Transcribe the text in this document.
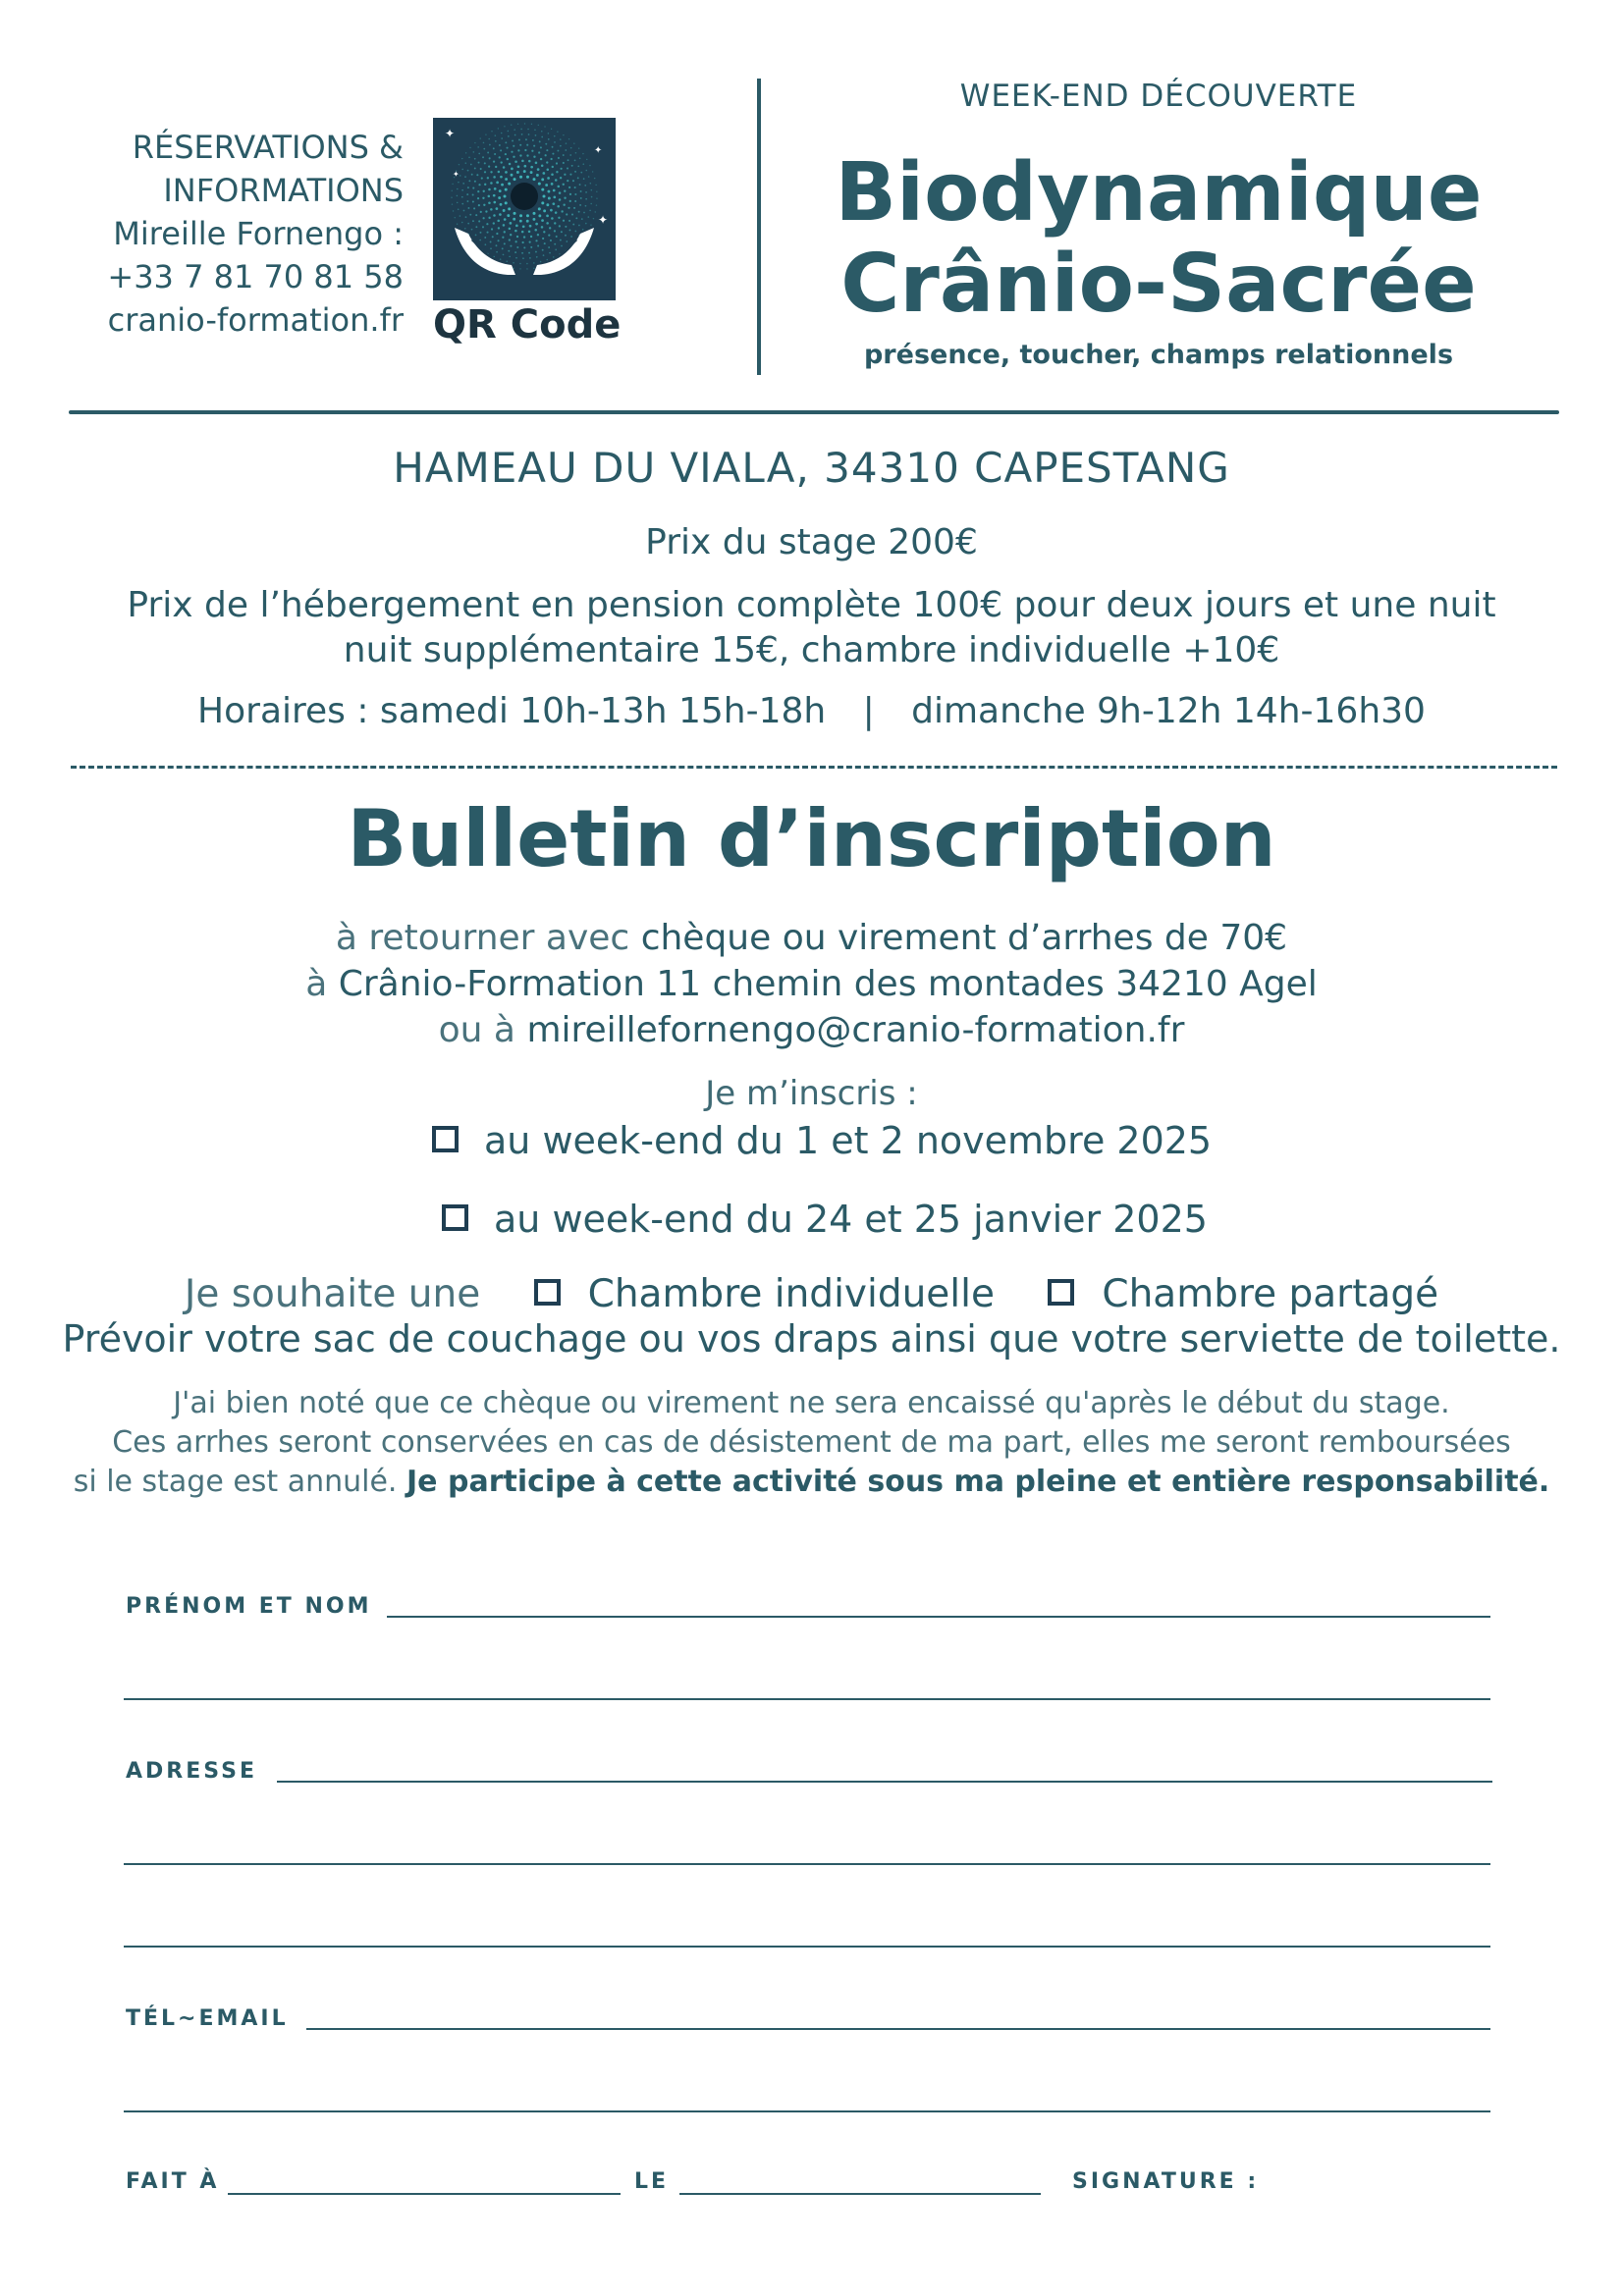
RÉSERVATIONS &
INFORMATIONS
Mireille Fornengo :
+33 7 81 70 81 58
cranio-formation.fr
✦
✦
✦
✦
QR Code
WEEK-END DÉCOUVERTE
Biodynamique
Crânio-Sacrée
présence, toucher, champs relationnels
HAMEAU DU VIALA, 34310 CAPESTANG
Prix du stage 200€
Prix de l’hébergement en pension complète 100€ pour deux jours et une nuit
nuit supplémentaire 15€, chambre individuelle +10€
Horaires : samedi 10h-13h 15h-18h | dimanche 9h-12h 14h-16h30
Bulletin d’inscription
à retourner avec chèque ou virement d’arrhes de 70€
à Crânio-Formation 11 chemin des montades 34210 Agel
ou à mireillefornengo@cranio-formation.fr
Je m’inscris :
au week-end du 1 et 2 novembre 2025
au week-end du 24 et 25 janvier 2025
Je souhaite une	Chambre individuelle	Chambre partagé
Prévoir votre sac de couchage ou vos draps ainsi que votre serviette de toilette.
J'ai bien noté que ce chèque ou virement ne sera encaissé qu'après le début du stage.
Ces arrhes seront conservées en cas de désistement de ma part, elles me seront remboursées
si le stage est annulé. Je participe à cette activité sous ma pleine et entière responsabilité.
PRÉNOM ET NOM
ADRESSE
TÉL~EMAIL
FAIT À	LE	SIGNATURE :
